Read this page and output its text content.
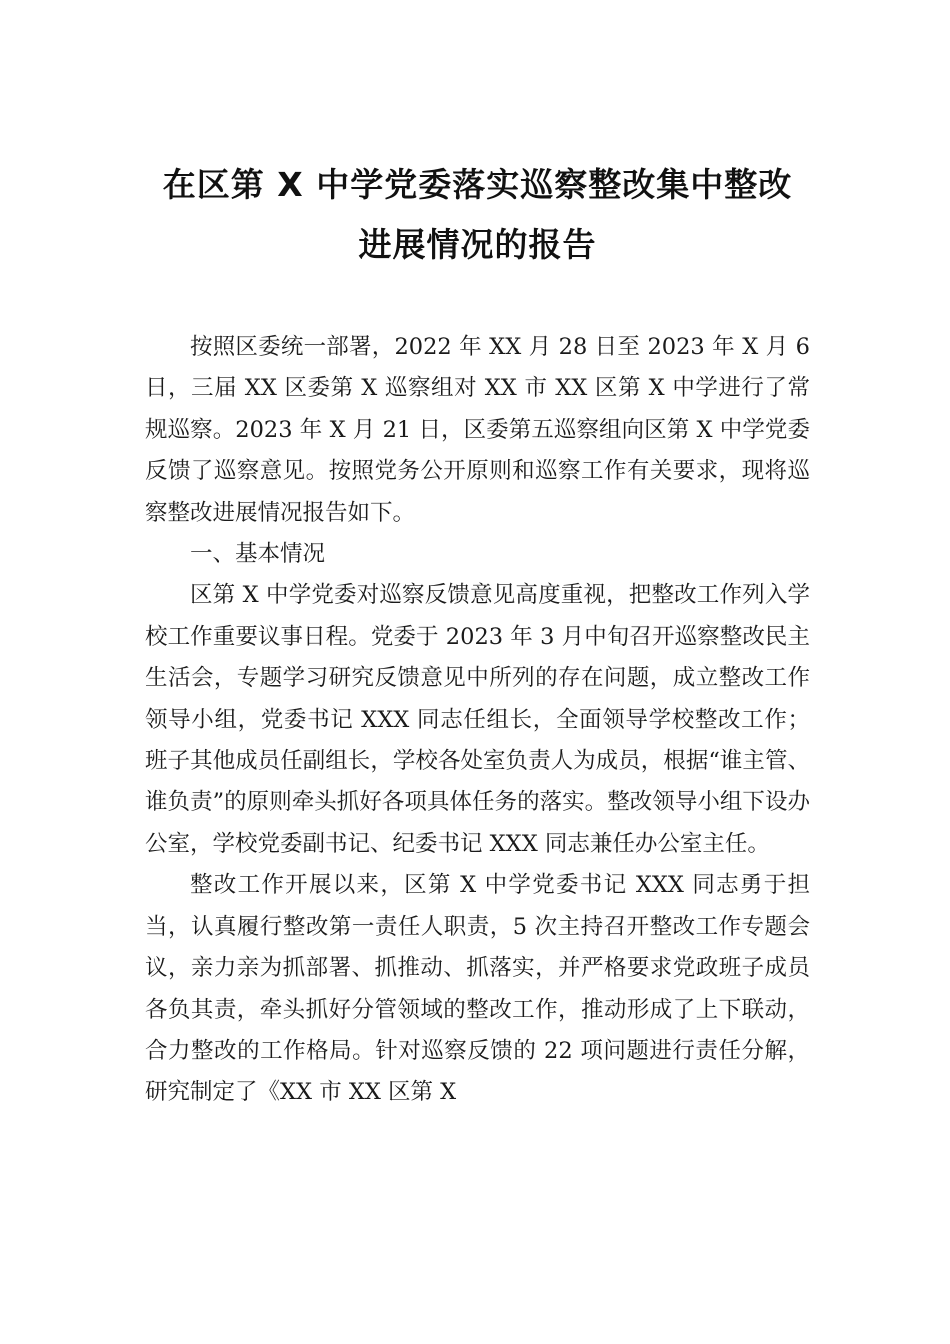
在区第 X 中学党委落实巡察整改集中整改
进展情况的报告

按照区委统一部署，2022 年 XX 月 28 日至 2023 年 X 月 6 日，三届 XX 区委第 X 巡察组对 XX 市 XX 区第 X 中学进行了常规巡察。2023 年 X 月 21 日，区委第五巡察组向区第 X 中学党委反馈了巡察意见。按照党务公开原则和巡察工作有关要求，现将巡察整改进展情况报告如下。

一、基本情况

区第 X 中学党委对巡察反馈意见高度重视，把整改工作列入学校工作重要议事日程。党委于 2023 年 3 月中旬召开巡察整改民主生活会，专题学习研究反馈意见中所列的存在问题，成立整改工作领导小组，党委书记 XXX 同志任组长，全面领导学校整改工作；班子其他成员任副组长，学校各处室负责人为成员，根据“谁主管、谁负责”的原则牵头抓好各项具体任务的落实。整改领导小组下设办公室，学校党委副书记、纪委书记 XXX 同志兼任办公室主任。

整改工作开展以来，区第 X 中学党委书记 XXX 同志勇于担当，认真履行整改第一责任人职责，5 次主持召开整改工作专题会议，亲力亲为抓部署、抓推动、抓落实，并严格要求党政班子成员各负其责，牵头抓好分管领域的整改工作，推动形成了上下联动，合力整改的工作格局。针对巡察反馈的 22 项问题进行责任分解，研究制定了《XX 市 XX 区第 X
